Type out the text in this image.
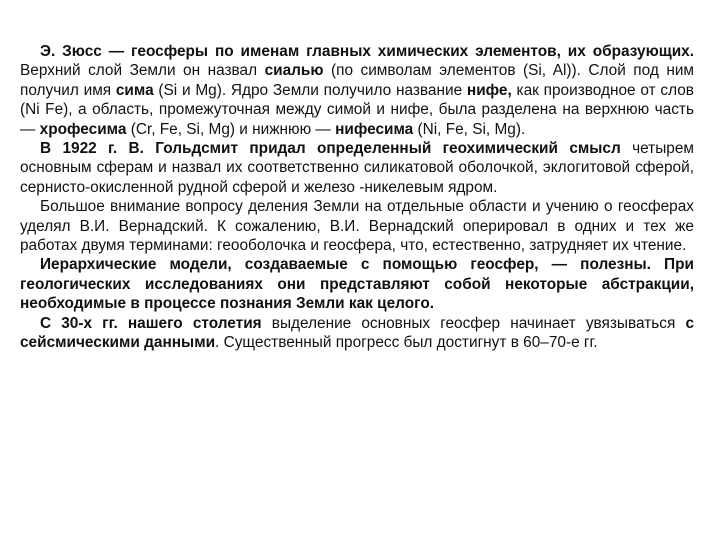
Э. Зюсс — геосферы по именам главных химических элементов, их образующих. Верхний слой Земли он назвал сиалью (по символам элементов (Si, Al)). Слой под ним получил имя сима (Si и Mg). Ядро Земли получило название нифе, как производное от слов (Ni Fe), а область, промежуточная между симой и нифе, была разделена на верхнюю часть — хрофесима (Cr, Fe, Si, Mg) и нижнюю — нифесима (Ni, Fe, Si, Mg).

В 1922 г. В. Гольдсмит придал определенный геохимический смысл четырем основным сферам и назвал их соответственно силикатовой оболочкой, эклогитовой сферой, сернисто-окисленной рудной сферой и железо -никелевым ядром.

Большое внимание вопросу деления Земли на отдельные области и учению о геосферах уделял В.И. Вернадский. К сожалению, В.И. Вернадский оперировал в одних и тех же работах двумя терминами: геооболочка и геосфера, что, естественно, затрудняет их чтение.

Иерархические модели, создаваемые с помощью геосфер, — полезны. При геологических исследованиях они представляют собой некоторые абстракции, необходимые в процессе познания Земли как целого.

С 30-х гг. нашего столетия выделение основных геосфер начинает увязываться с сейсмическими данными. Существенный прогресс был достигнут в 60–70-е гг.
